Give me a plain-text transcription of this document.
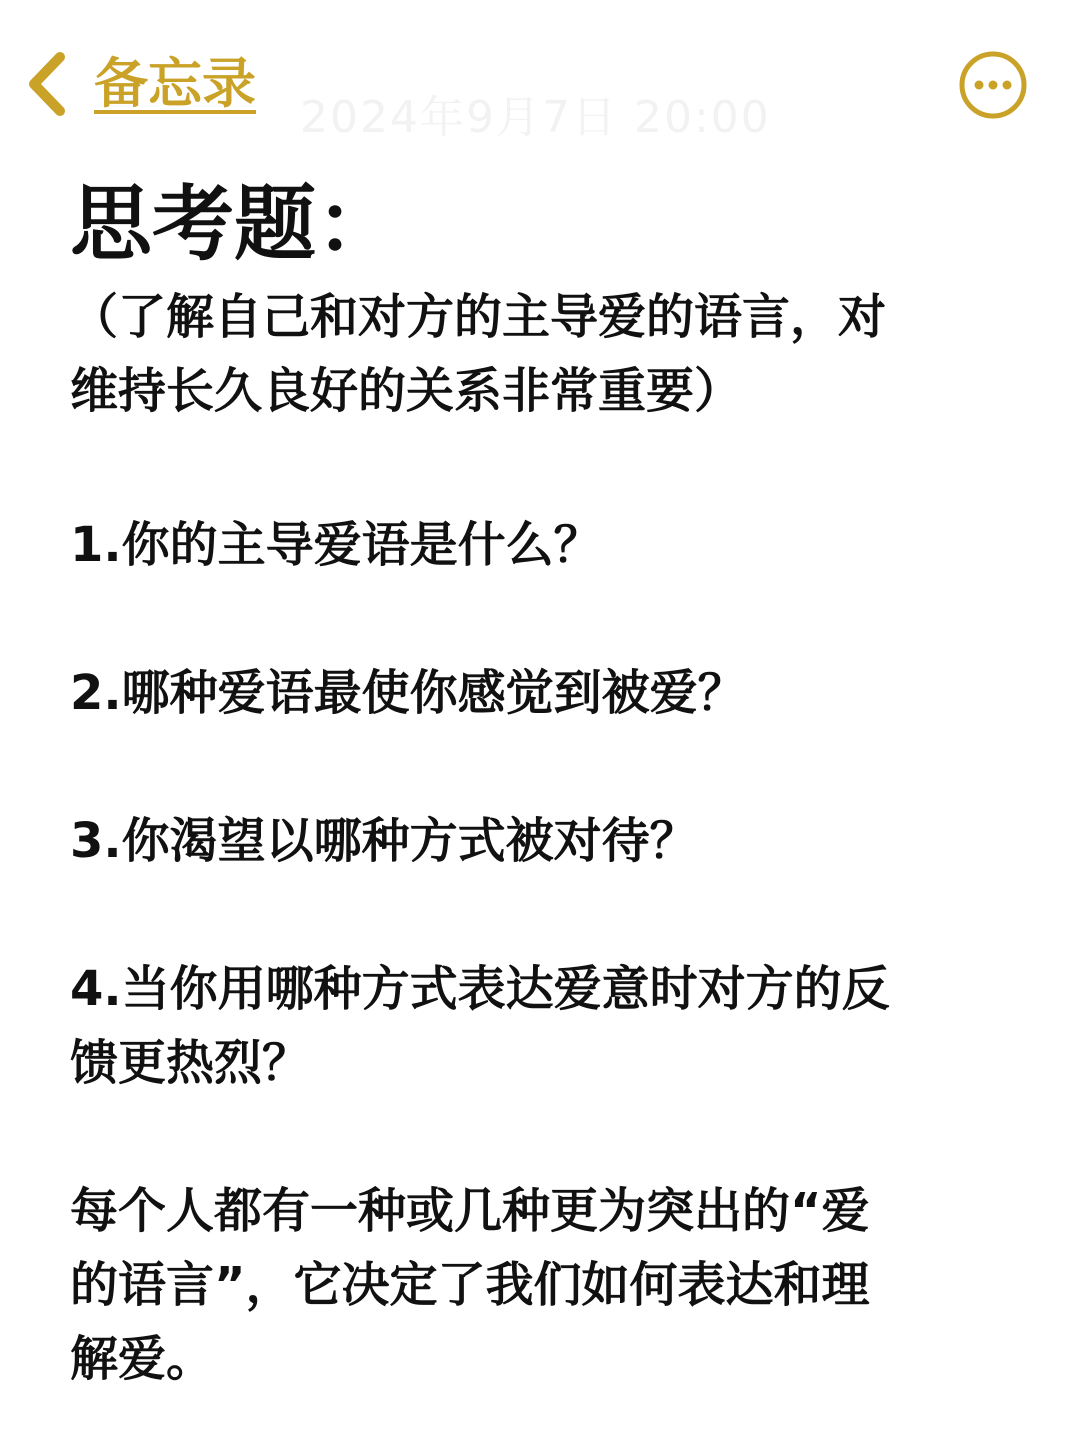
备忘录
2024年9月7日 20:00

思考题：

（了解自己和对方的主导爱的语言，对

维持长久良好的关系非常重要）

1.你的主导爱语是什么？

2.哪种爱语最使你感觉到被爱？

3.你渴望以哪种方式被对待？

4.当你用哪种方式表达爱意时对方的反

馈更热烈？

每个人都有一种或几种更为突出的“爱

的语言”，它决定了我们如何表达和理

解爱。
